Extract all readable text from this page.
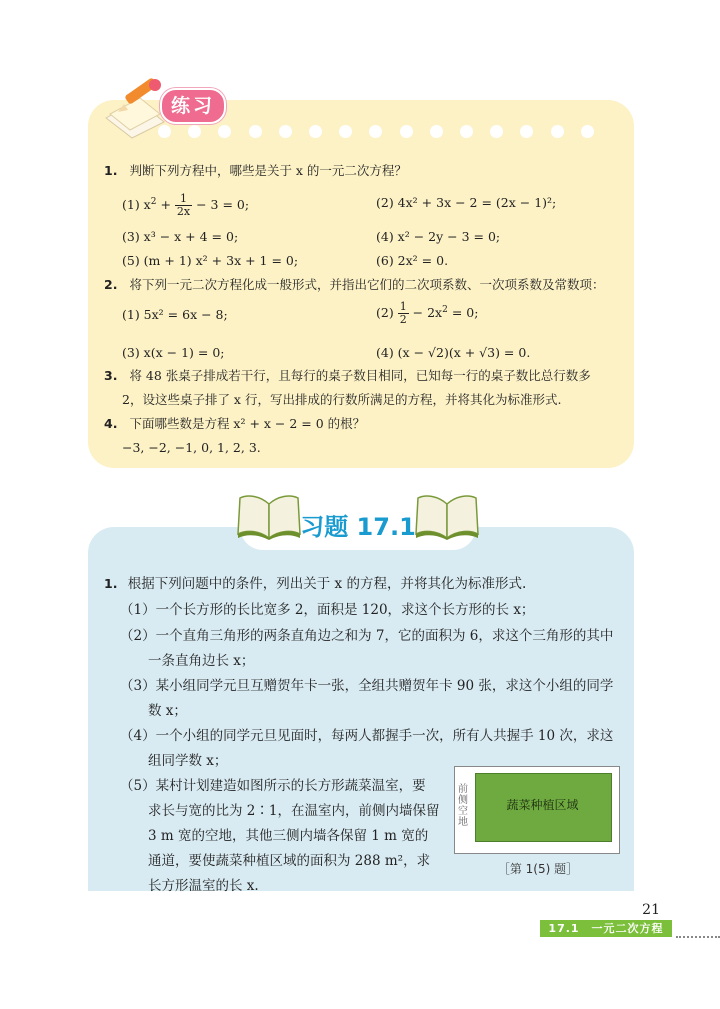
练习
1. 判断下列方程中，哪些是关于 x 的一元二次方程？
(1) $x^2 + \frac{1}{2x} - 3 = 0$;	(2) 4x² + 3x − 2 = (2x − 1)²;
(3) x³ − x + 4 = 0;	(4) x² − 2y − 3 = 0;
(5) (m + 1) x² + 3x + 1 = 0;	(6) 2x² = 0.
2. 将下列一元二次方程化成一般形式，并指出它们的二次项系数、一次项系数及常数项：
(1) 5x² = 6x − 8;	$(2) \frac{1}{2} - 2x^2 = 0$;
(3) x(x − 1) = 0;	(4) (x − √2)(x + √3) = 0.
3. 将 48 张桌子排成若干行，且每行的桌子数目相同，已知每一行的桌子数比总行数多
2，设这些桌子排了 x 行，写出排成的行数所满足的方程，并将其化为标准形式.
4. 下面哪些数是方程 x² + x − 2 = 0 的根？
−3, −2, −1, 0, 1, 2, 3.
习题 17.1
1. 根据下列问题中的条件，列出关于 x 的方程，并将其化为标准形式.
（1）一个长方形的长比宽多 2，面积是 120，求这个长方形的长 x；
（2）一个直角三角形的两条直角边之和为 7，它的面积为 6，求这个三角形的其中
一条直角边长 x；
（3）某小组同学元旦互赠贺年卡一张，全组共赠贺年卡 90 张，求这个小组的同学
数 x；
（4）一个小组的同学元旦见面时，每两人都握手一次，所有人共握手 10 次，求这
组同学数 x；
（5）某村计划建造如图所示的长方形蔬菜温室，要
求长与宽的比为 2∶1，在温室内，前侧内墙保留
3 m 宽的空地，其他三侧内墙各保留 1 m 宽的
通道，要使蔬菜种植区域的面积为 288 m²，求
长方形温室的长 x.
蔬菜种植区域
前侧空地
［第 1(5) 题］
21
17.1　一元二次方程
